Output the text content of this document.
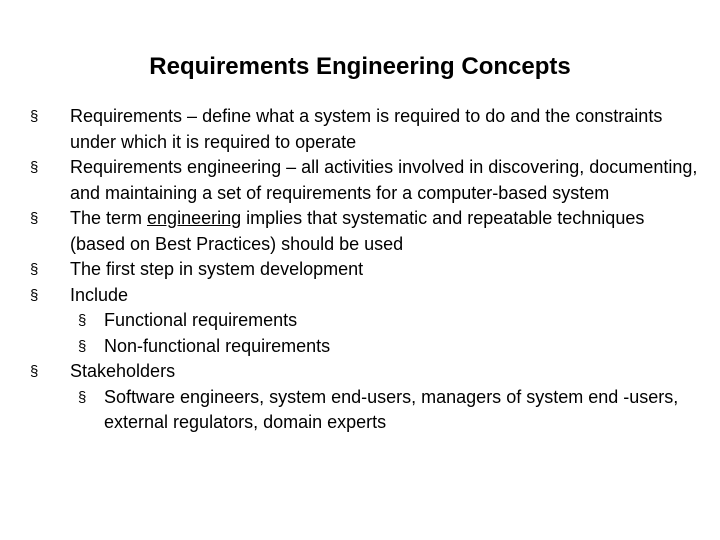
Requirements Engineering Concepts
§ Requirements – define what a system is required to do and the constraints under which it is required to operate
§ Requirements engineering – all activities involved in discovering, documenting, and maintaining a set of requirements for a computer-based system
§ The term engineering implies that systematic and repeatable techniques (based on Best Practices) should be used
§ The first step in system development
§ Include
§ Functional requirements
§ Non-functional requirements
§ Stakeholders
§ Software engineers, system end-users, managers of system end -users, external regulators, domain experts
